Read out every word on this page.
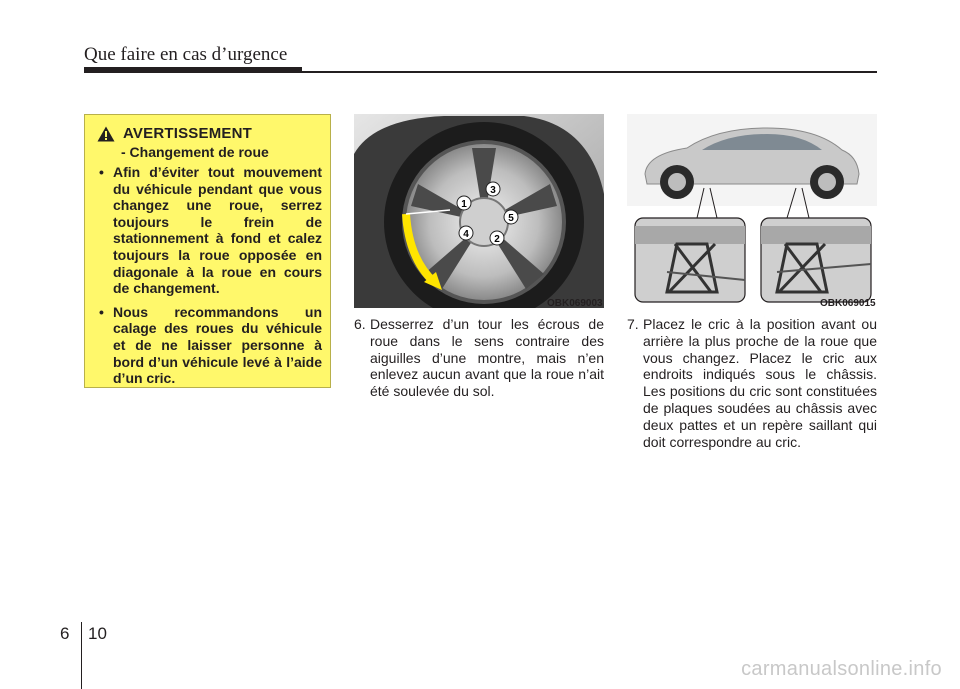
Que faire en cas d’urgence
AVERTISSEMENT
- Changement de roue
• Afin d’éviter tout mouvement du véhicule pendant que vous changez une roue, serrez toujours le frein de stationnement à fond et calez toujours la roue opposée en diagonale à la roue en cours de changement.
• Nous recommandons un calage des roues du véhicule et de ne laisser personne à bord d’un véhicule levé à l’aide d’un cric.
1
2
3
4
5
OBK069003	OBK069015
6. Desserrez d’un tour les écrous de roue dans le sens contraire des aiguilles d’une montre, mais n’en enlevez aucun avant que la roue n’ait été soulevée du sol.
7. Placez le cric à la position avant ou arrière la plus proche de la roue que vous changez. Placez le cric aux endroits indiqués sous le châssis. Les positions du cric sont constituées de plaques soudées au châssis avec deux pattes et un repère saillant qui doit correspondre au cric.
6 10
carmanualsonline.info
